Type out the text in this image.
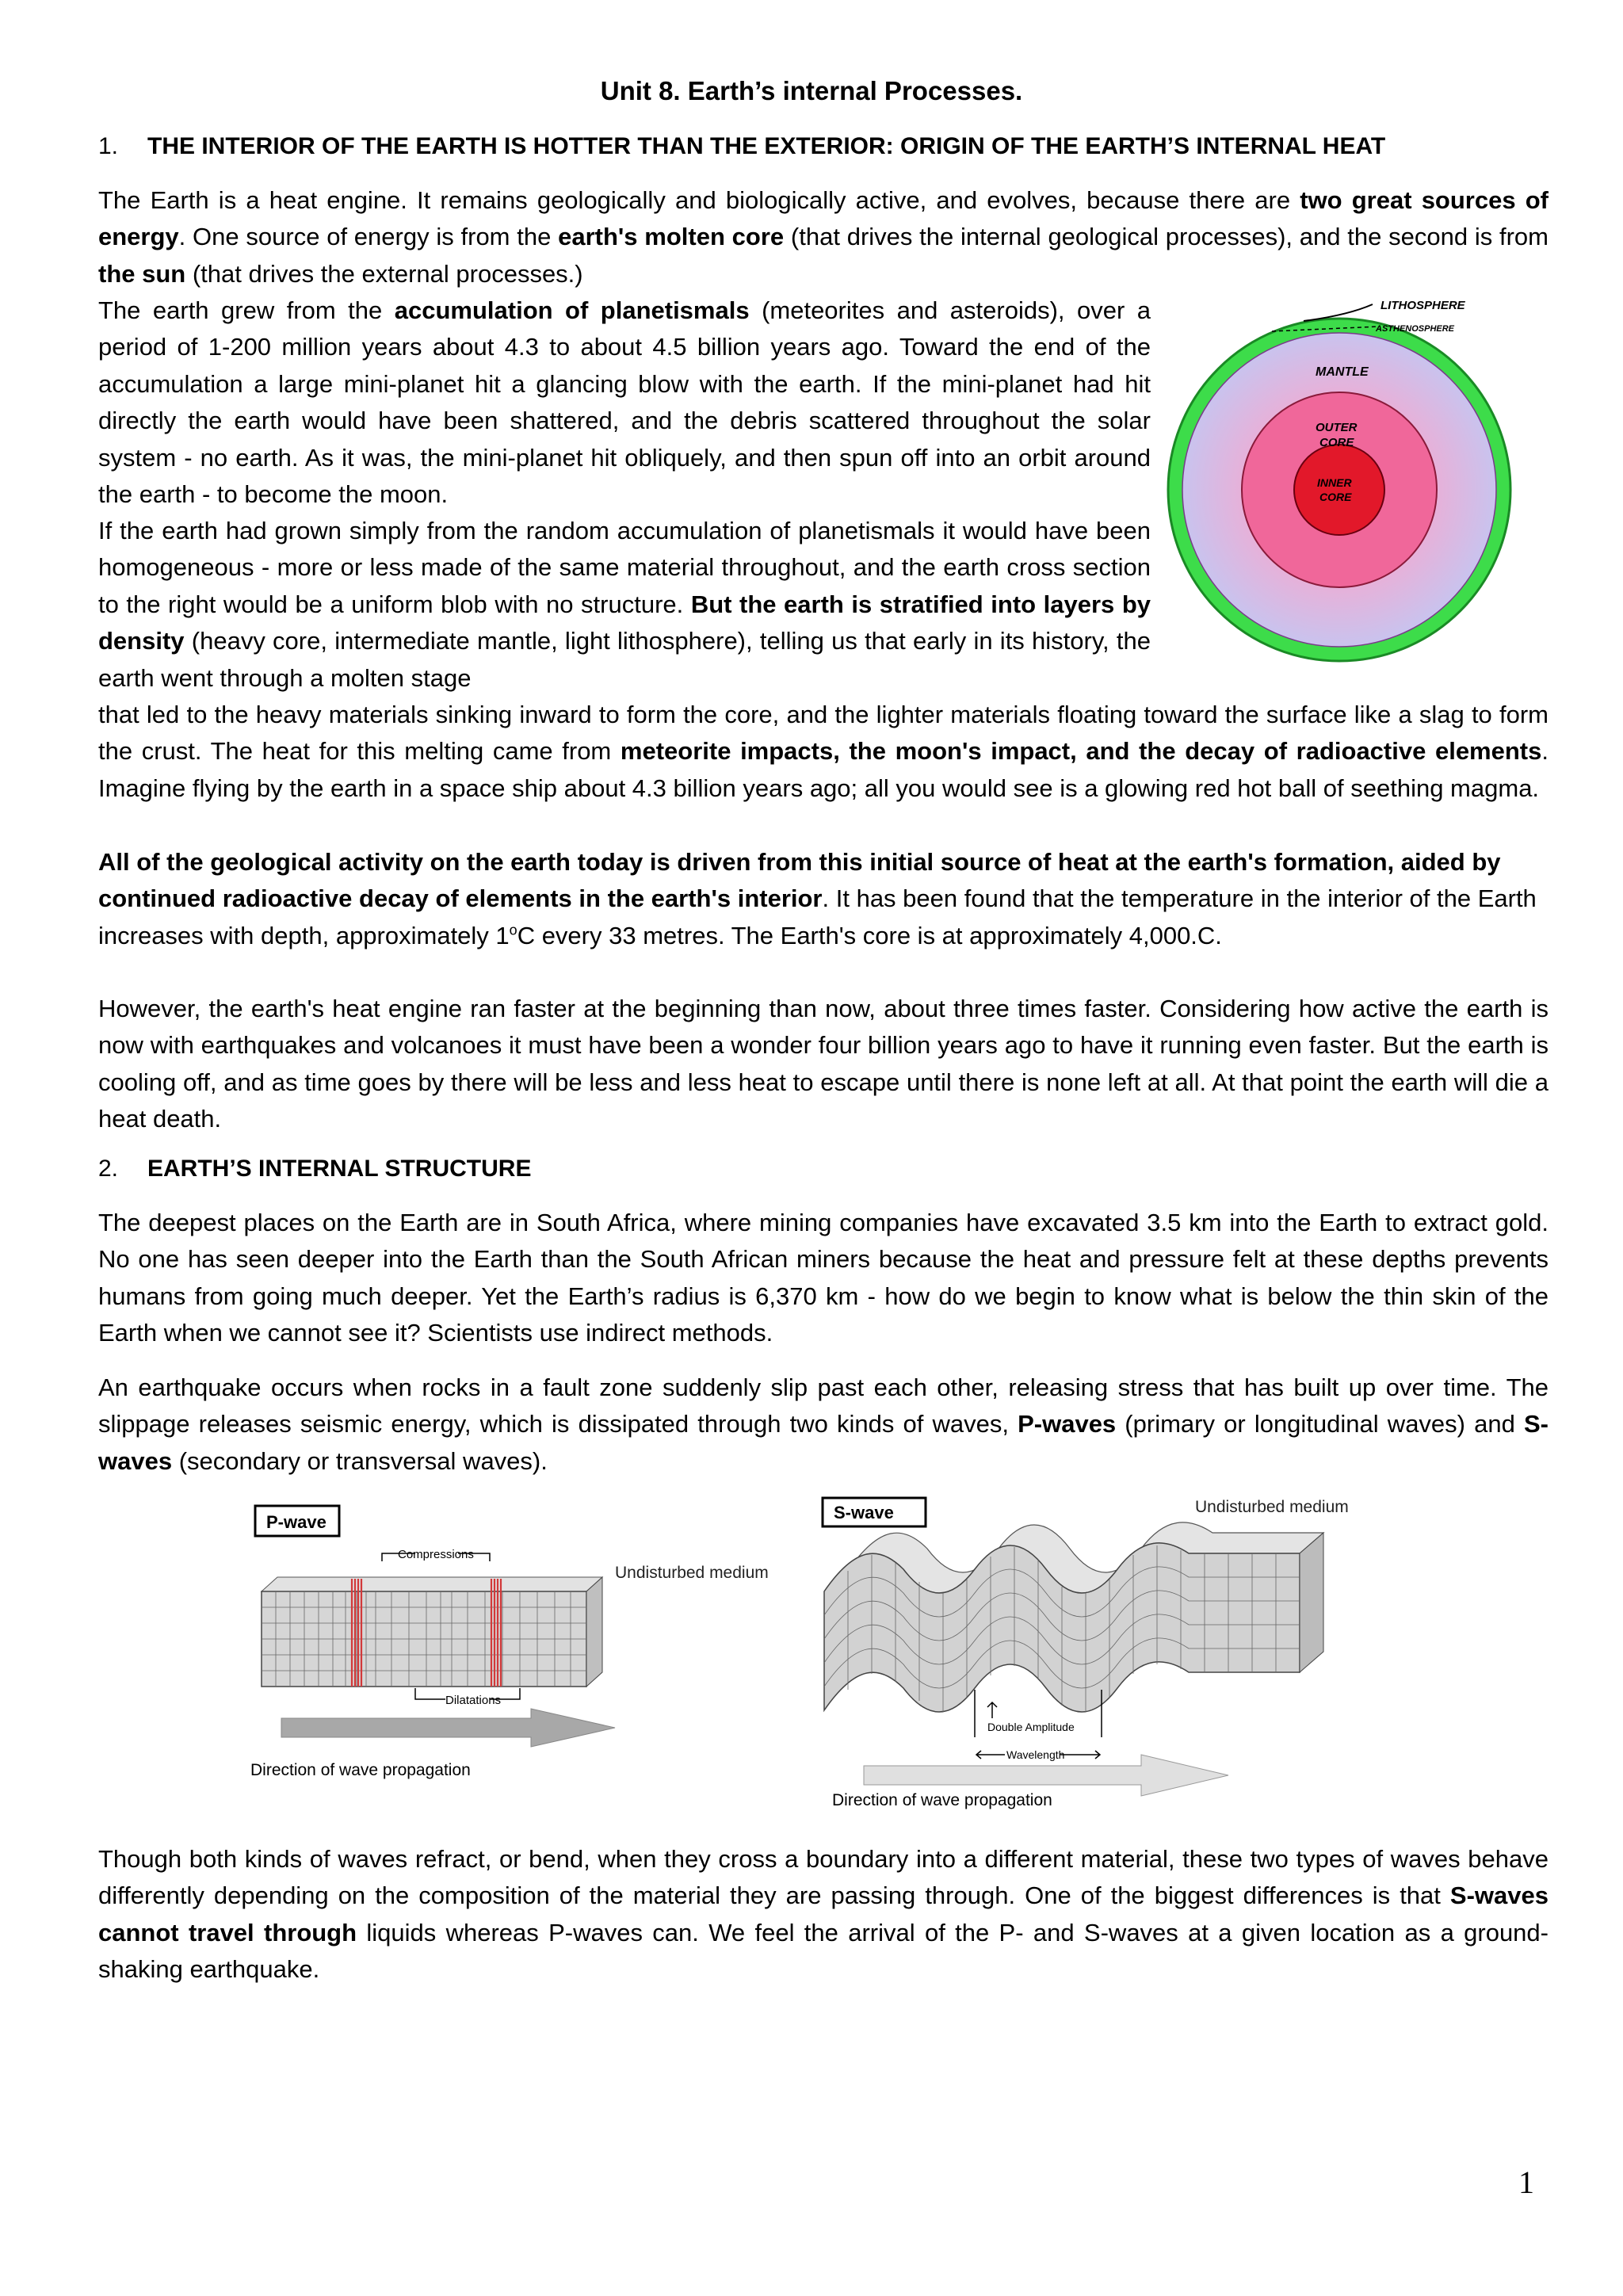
Unit 8. Earth’s internal Processes.
1. THE INTERIOR OF THE EARTH IS HOTTER THAN THE EXTERIOR: ORIGIN OF THE EARTH’S INTERNAL HEAT

The Earth is a heat engine. It remains geologically and biologically active, and evolves, because there are two great sources of energy. One source of energy is from the earth's molten core (that drives the internal geological processes), and the second is from the sun (that drives the external processes.)

The earth grew from the accumulation of planetismals (meteorites and asteroids), over a period of 1-200 million years about 4.3 to about 4.5 billion years ago. Toward the end of the accumulation a large mini-planet hit a glancing blow with the earth. If the mini-planet had hit directly the earth would have been shattered, and the debris scattered throughout the solar system - no earth. As it was, the mini-planet hit obliquely, and then spun off into an orbit around the earth - to become the moon.

If the earth had grown simply from the random accumulation of planetismals it would have been homogeneous - more or less made of the same material throughout, and the earth cross section to the right would be a uniform blob with no structure. But the earth is stratified into layers by density (heavy core, intermediate mantle, light lithosphere), telling us that early in its history, the earth went through a molten stage

that led to the heavy materials sinking inward to form the core, and the lighter materials floating toward the surface like a slag to form the crust. The heat for this melting came from meteorite impacts, the moon's impact, and the decay of radioactive elements. Imagine flying by the earth in a space ship about 4.3 billion years ago; all you would see is a glowing red hot ball of seething magma.

All of the geological activity on the earth today is driven from this initial source of heat at the earth's formation, aided by continued radioactive decay of elements in the earth's interior. It has been found that the temperature in the interior of the Earth increases with depth, approximately 1$^o$C every 33 metres. The Earth's core is at approximately 4,000.C.

However, the earth's heat engine ran faster at the beginning than now, about three times faster. Considering how active the earth is now with earthquakes and volcanoes it must have been a wonder four billion years ago to have it running even faster. But the earth is cooling off, and as time goes by there will be less and less heat to escape until there is none left at all. At that point the earth will die a heat death.

LITHOSPHERE
ASTHENOSPHERE
MANTLE
OUTER
CORE
INNER
CORE
2. EARTH’S INTERNAL STRUCTURE

The deepest places on the Earth are in South Africa, where mining companies have excavated 3.5 km into the Earth to extract gold. No one has seen deeper into the Earth than the South African miners because the heat and pressure felt at these depths prevents humans from going much deeper. Yet the Earth’s radius is 6,370 km - how do we begin to know what is below the thin skin of the Earth when we cannot see it? Scientists use indirect methods.

An earthquake occurs when rocks in a fault zone suddenly slip past each other, releasing stress that has built up over time. The slippage releases seismic energy, which is dissipated through two kinds of waves, P-waves (primary or longitudinal waves) and S-waves (secondary or transversal waves).

P-wave
Compressions
Undisturbed medium
Dilatations
Direction of wave propagation
S-wave	Undisturbed medium
Double Amplitude
Wavelength
Direction of wave propagation

Though both kinds of waves refract, or bend, when they cross a boundary into a different material, these two types of waves behave differently depending on the composition of the material they are passing through. One of the biggest differences is that S-waves cannot travel through liquids whereas P-waves can. We feel the arrival of the P- and S-waves at a given location as a ground-shaking earthquake.

1
